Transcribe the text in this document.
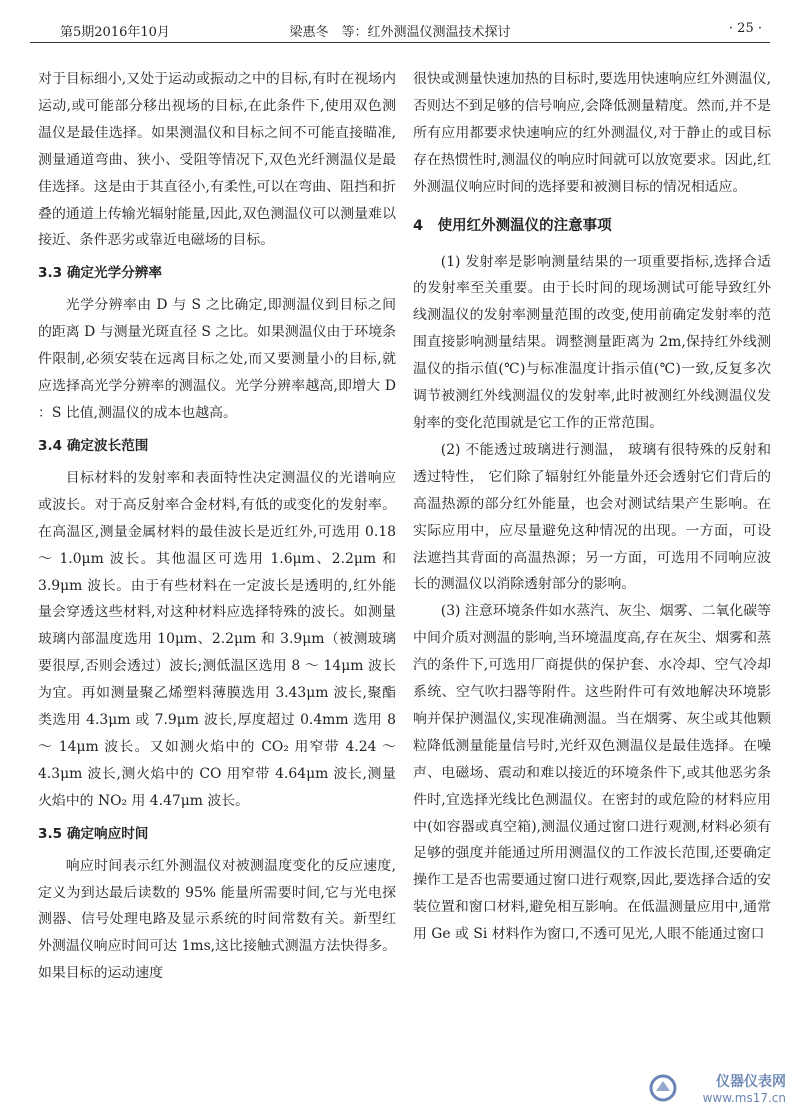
第5期2016年10月	梁惠冬　等：红外测温仪测温技术探讨	· 25 ·

对于目标细小,又处于运动或振动之中的目标,有时在视场内运动,或可能部分移出视场的目标,在此条件下,使用双色测温仪是最佳选择。如果测温仪和目标之间不可能直接瞄准,测量通道弯曲、狭小、受阻等情况下,双色光纤测温仪是最佳选择。这是由于其直径小,有柔性,可以在弯曲、阻挡和折叠的通道上传输光辐射能量,因此,双色测温仪可以测量难以接近、条件恶劣或靠近电磁场的目标。

3.3 确定光学分辨率

光学分辨率由 D 与 S 之比确定,即测温仪到目标之间的距离 D 与测量光斑直径 S 之比。如果测温仪由于环境条件限制,必须安装在远离目标之处,而又要测量小的目标,就应选择高光学分辨率的测温仪。光学分辨率越高,即增大 D ：S 比值,测温仪的成本也越高。

3.4 确定波长范围

目标材料的发射率和表面特性决定测温仪的光谱响应或波长。对于高反射率合金材料,有低的或变化的发射率。在高温区,测量金属材料的最佳波长是近红外,可选用 0.18 ～ 1.0μm 波长。其他温区可选用 1.6μm、2.2μm 和 3.9μm 波长。由于有些材料在一定波长是透明的,红外能量会穿透这些材料,对这种材料应选择特殊的波长。如测量玻璃内部温度选用 10μm、2.2μm 和 3.9μm（被测玻璃要很厚,否则会透过）波长;测低温区选用 8 ～ 14μm 波长为宜。再如测量聚乙烯塑料薄膜选用 3.43μm 波长,聚酯类选用 4.3μm 或 7.9μm 波长,厚度超过 0.4mm 选用 8 ～ 14μm 波长。又如测火焰中的 CO₂ 用窄带 4.24 ～ 4.3μm 波长,测火焰中的 CO 用窄带 4.64μm 波长,测量火焰中的 NO₂ 用 4.47μm 波长。

3.5 确定响应时间

响应时间表示红外测温仪对被测温度变化的反应速度,定义为到达最后读数的 95% 能量所需要时间,它与光电探测器、信号处理电路及显示系统的时间常数有关。新型红外测温仪响应时间可达 1ms,这比接触式测温方法快得多。如果目标的运动速度

很快或测量快速加热的目标时,要选用快速响应红外测温仪,否则达不到足够的信号响应,会降低测量精度。然而,并不是所有应用都要求快速响应的红外测温仪,对于静止的或目标存在热惯性时,测温仪的响应时间就可以放宽要求。因此,红外测温仪响应时间的选择要和被测目标的情况相适应。

4　使用红外测温仪的注意事项

(1) 发射率是影响测量结果的一项重要指标,选择合适的发射率至关重要。由于长时间的现场测试可能导致红外线测温仪的发射率测量范围的改变,使用前确定发射率的范围直接影响测量结果。调整测量距离为 2m,保持红外线测温仪的指示值(℃)与标准温度计指示值(℃)一致,反复多次调节被测红外线测温仪的发射率,此时被测红外线测温仪发射率的变化范围就是它工作的正常范围。

(2) 不能透过玻璃进行测温， 玻璃有很特殊的反射和透过特性， 它们除了辐射红外能量外还会透射它们背后的高温热源的部分红外能量，也会对测试结果产生影响。在实际应用中，应尽量避免这种情况的出现。一方面，可设法遮挡其背面的高温热源；另一方面，可选用不同响应波长的测温仪以消除透射部分的影响。

(3) 注意环境条件如水蒸汽、灰尘、烟雾、二氧化碳等中间介质对测温的影响,当环境温度高,存在灰尘、烟雾和蒸汽的条件下,可选用厂商提供的保护套、水冷却、空气冷却系统、空气吹扫器等附件。这些附件可有效地解决环境影响并保护测温仪,实现准确测温。当在烟雾、灰尘或其他颗粒降低测量能量信号时,光纤双色测温仪是最佳选择。在噪声、电磁场、震动和难以接近的环境条件下,或其他恶劣条件时,宜选择光线比色测温仪。在密封的或危险的材料应用中(如容器或真空箱),测温仪通过窗口进行观测,材料必须有足够的强度并能通过所用测温仪的工作波长范围,还要确定操作工是否也需要通过窗口进行观察,因此,要选择合适的安装位置和窗口材料,避免相互影响。在低温测量应用中,通常用 Ge 或 Si 材料作为窗口,不透可见光,人眼不能通过窗口

仪器仪表网
www.ms17.cn
